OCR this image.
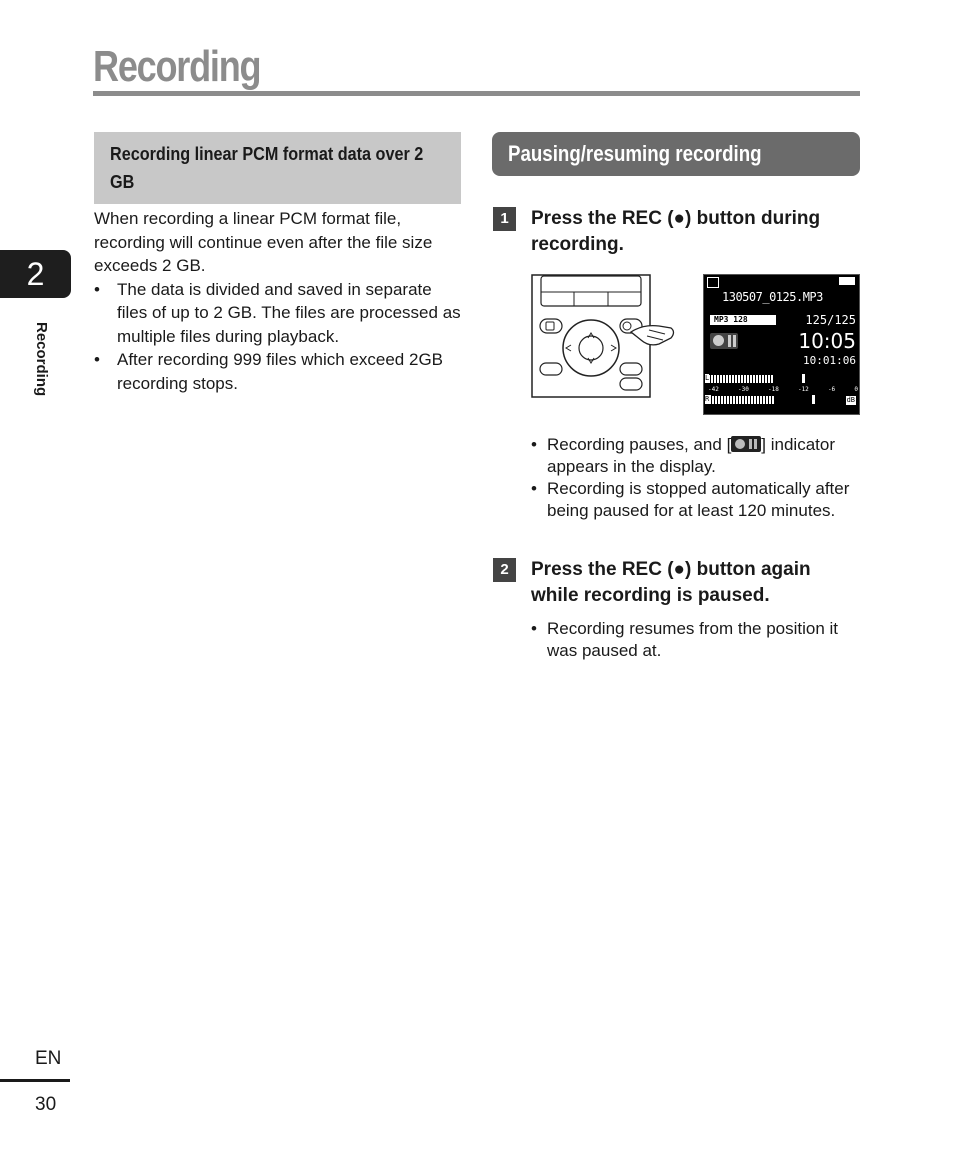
Recording
2
Recording
Recording linear PCM format data over 2 GB

When recording a linear PCM format file, recording will continue even after the file size exceeds 2 GB.

• The data is divided and saved in separate files of up to 2 GB. The files are processed as multiple files during playback.
• After recording 999 files which exceed 2GB recording stops.
Pausing/resuming recording
1	Press the REC (●) button during recording.
130507_0125.MP3
MP3 128	125/125
10:05
10:01:06
L
-42	-30	-18	-12	-6	0
R	dB
• Recording pauses, and [ ] indicator appears in the display.
• Recording is stopped automatically after being paused for at least 120 minutes.
2	Press the REC (●) button again while recording is paused.
• Recording resumes from the position it was paused at.
EN
30
